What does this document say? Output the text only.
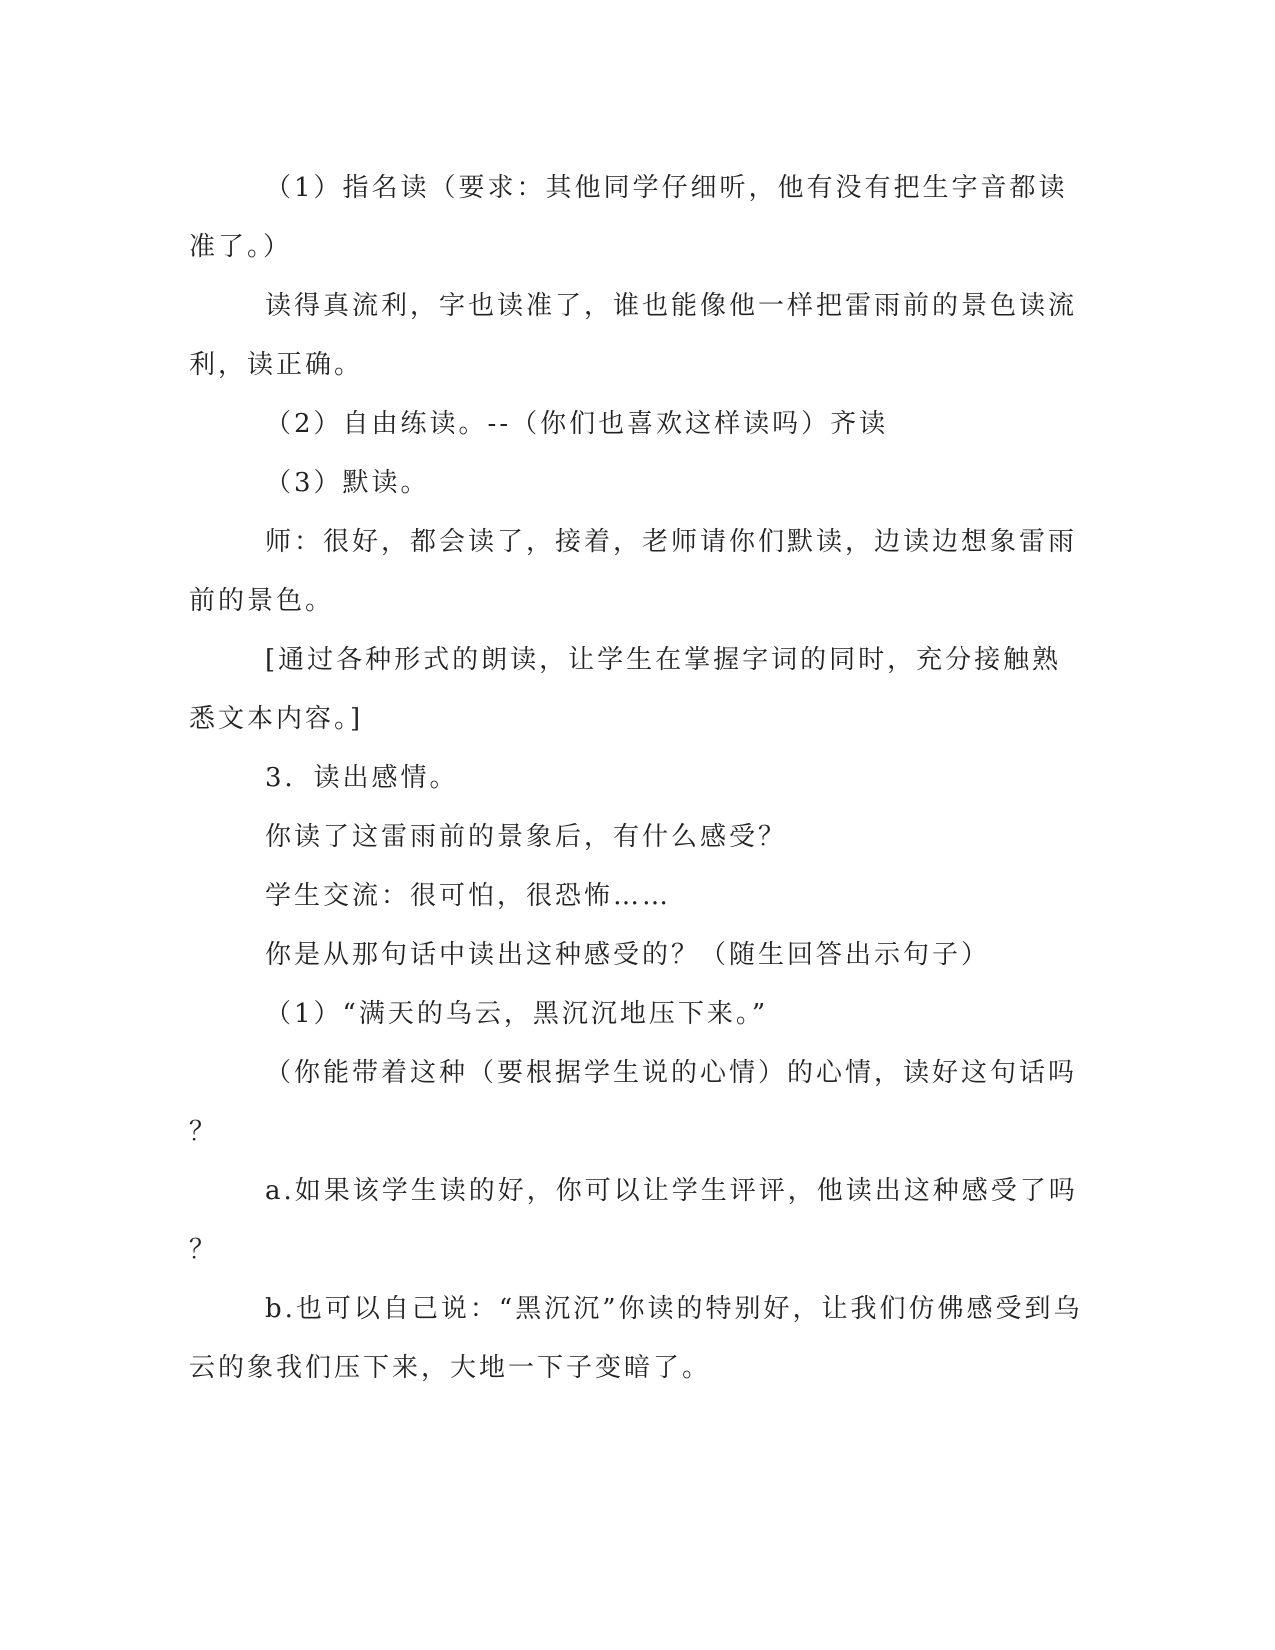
（1）指名读（要求：其他同学仔细听，他有没有把生字音都读
准了。）
读得真流利，字也读准了，谁也能像他一样把雷雨前的景色读流
利，读正确。
（2）自由练读。--（你们也喜欢这样读吗）齐读
（3）默读。
师：很好，都会读了，接着，老师请你们默读，边读边想象雷雨
前的景色。
[通过各种形式的朗读，让学生在掌握字词的同时，充分接触熟
悉文本内容。]
3．读出感情。
你读了这雷雨前的景象后，有什么感受？
学生交流：很可怕，很恐怖……
你是从那句话中读出这种感受的？（随生回答出示句子）
（1）“满天的乌云，黑沉沉地压下来。”
（你能带着这种（要根据学生说的心情）的心情，读好这句话吗
？
a.如果该学生读的好，你可以让学生评评，他读出这种感受了吗
？
b.也可以自己说：“黑沉沉”你读的特别好，让我们仿佛感受到乌
云的象我们压下来，大地一下子变暗了。
